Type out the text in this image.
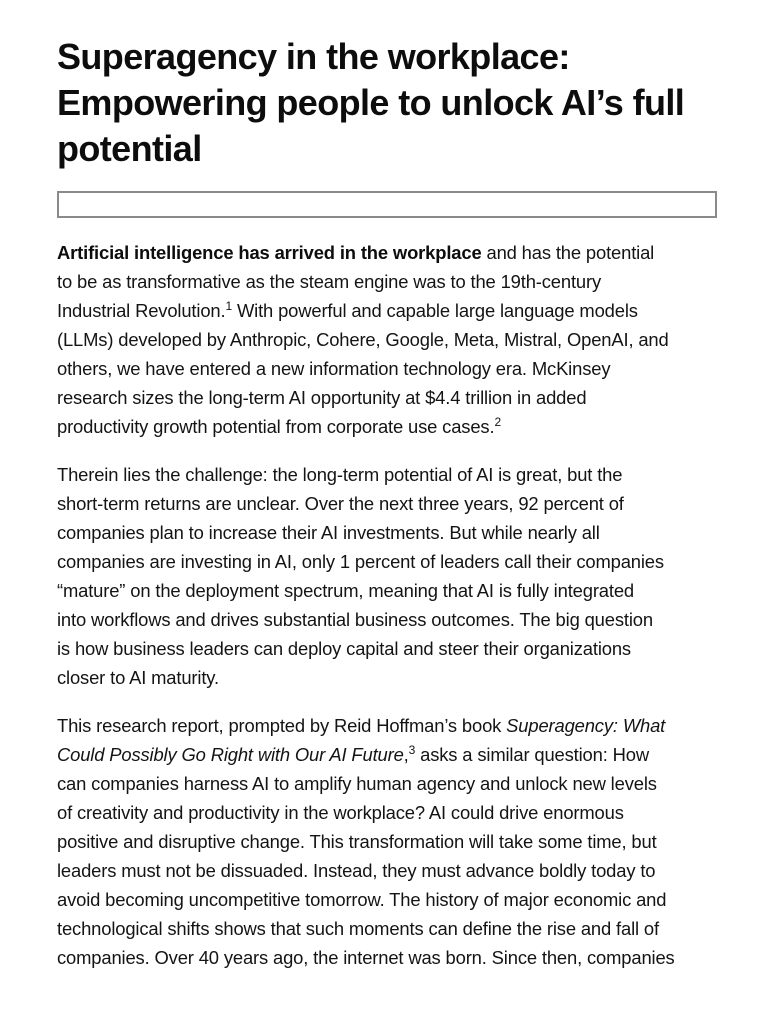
Superagency in the workplace:
Empowering people to unlock AI’s full
potential

Artificial intelligence has arrived in the workplace and has the potential
to be as transformative as the steam engine was to the 19th-century
Industrial Revolution.$^1$ With powerful and capable large language models
(LLMs) developed by Anthropic, Cohere, Google, Meta, Mistral, OpenAI, and
others, we have entered a new information technology era. McKinsey
research sizes the long-term AI opportunity at $4.4 trillion in added
productivity growth potential from corporate use cases.$^2$

Therein lies the challenge: the long-term potential of AI is great, but the
short-term returns are unclear. Over the next three years, 92 percent of
companies plan to increase their AI investments. But while nearly all
companies are investing in AI, only 1 percent of leaders call their companies
“mature” on the deployment spectrum, meaning that AI is fully integrated
into workflows and drives substantial business outcomes. The big question
is how business leaders can deploy capital and steer their organizations
closer to AI maturity.

This research report, prompted by Reid Hoffman’s book Superagency: What
Could Possibly Go Right with Our AI Future,$^3$ asks a similar question: How
can companies harness AI to amplify human agency and unlock new levels
of creativity and productivity in the workplace? AI could drive enormous
positive and disruptive change. This transformation will take some time, but
leaders must not be dissuaded. Instead, they must advance boldly today to
avoid becoming uncompetitive tomorrow. The history of major economic and
technological shifts shows that such moments can define the rise and fall of
companies. Over 40 years ago, the internet was born. Since then, companies
